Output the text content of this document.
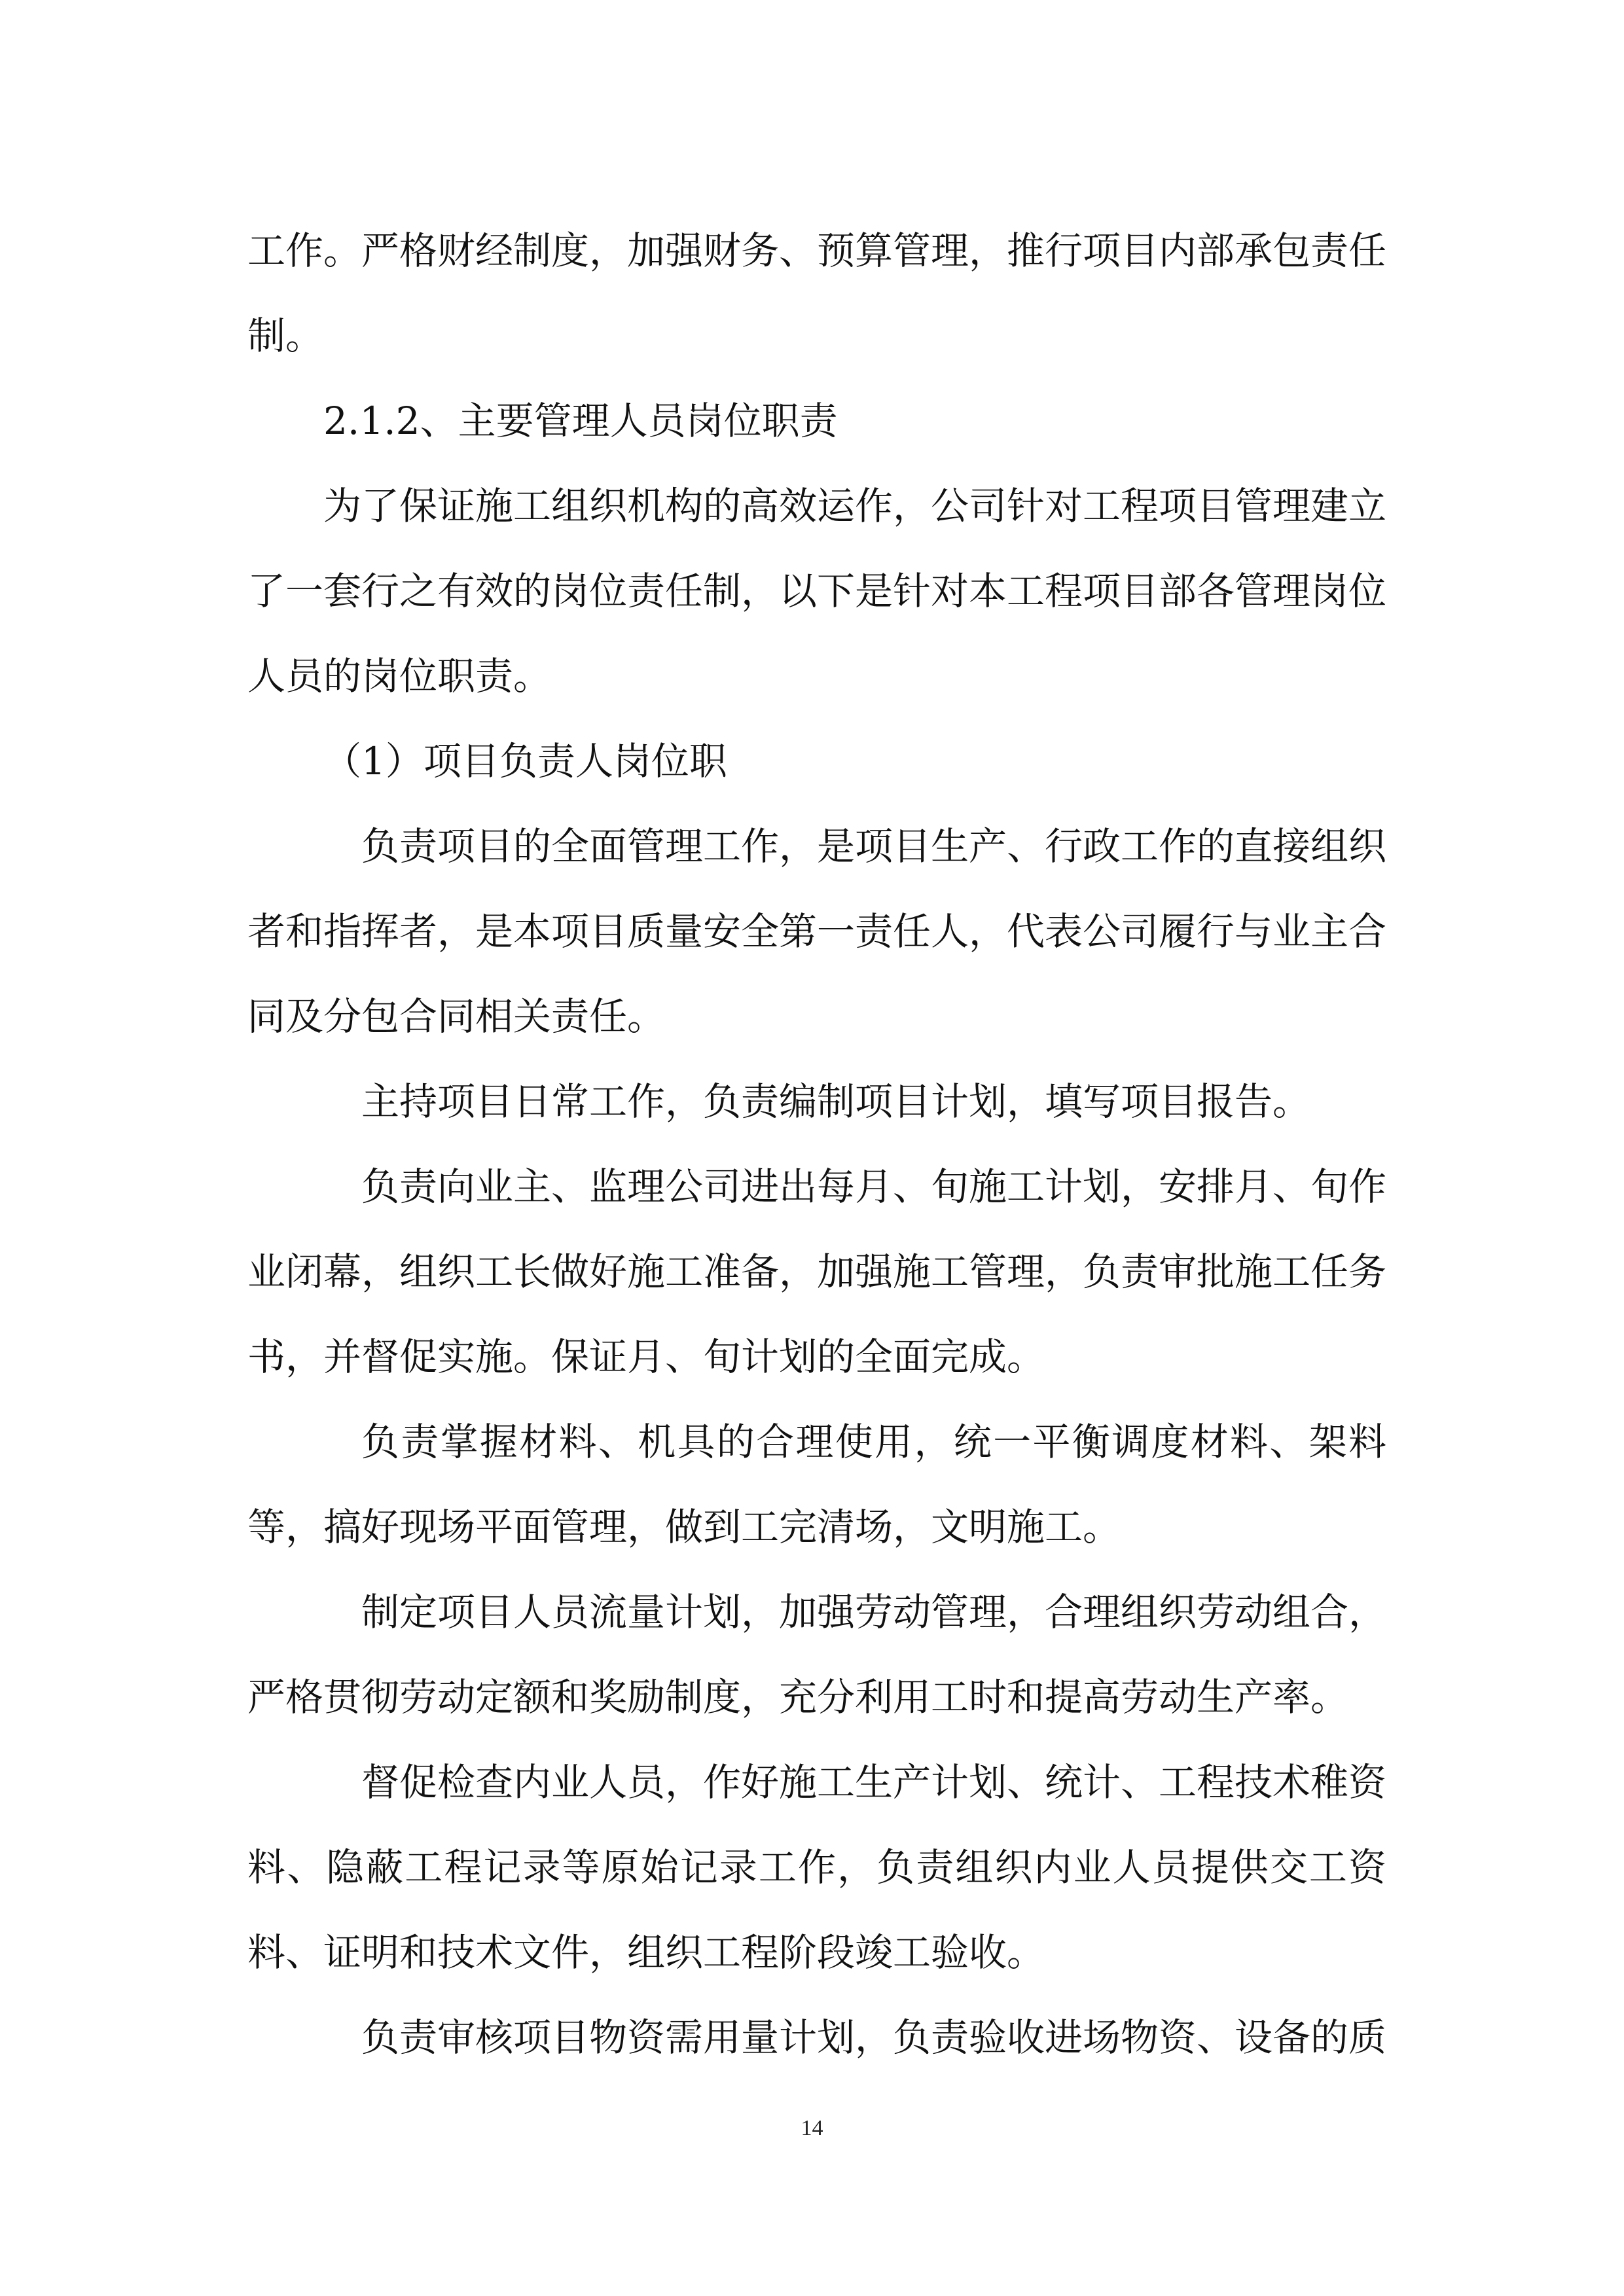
工作。严格财经制度，加强财务、预算管理，推行项目内部承包责任制。

2.1.2、主要管理人员岗位职责

为了保证施工组织机构的高效运作，公司针对工程项目管理建立了一套行之有效的岗位责任制，以下是针对本工程项目部各管理岗位人员的岗位职责。

（1）项目负责人岗位职

负责项目的全面管理工作，是项目生产、行政工作的直接组织者和指挥者，是本项目质量安全第一责任人，代表公司履行与业主合同及分包合同相关责任。

主持项目日常工作，负责编制项目计划，填写项目报告。

负责向业主、监理公司进出每月、旬施工计划，安排月、旬作业闭幕，组织工长做好施工准备，加强施工管理，负责审批施工任务书，并督促实施。保证月、旬计划的全面完成。

负责掌握材料、机具的合理使用，统一平衡调度材料、架料等，搞好现场平面管理，做到工完清场，文明施工。

制定项目人员流量计划，加强劳动管理，合理组织劳动组合，严格贯彻劳动定额和奖励制度，充分利用工时和提高劳动生产率。

督促检查内业人员，作好施工生产计划、统计、工程技术稚资料、隐蔽工程记录等原始记录工作，负责组织内业人员提供交工资料、证明和技术文件，组织工程阶段竣工验收。

负责审核项目物资需用量计划，负责验收进场物资、设备的质

14
